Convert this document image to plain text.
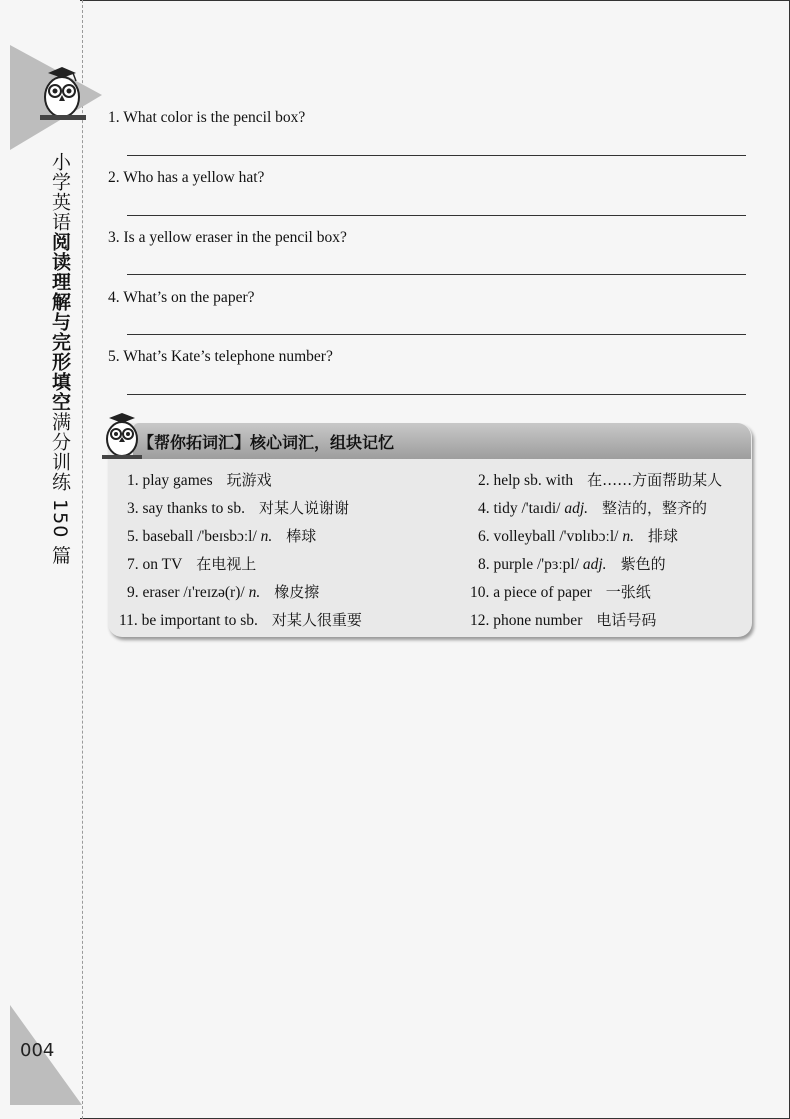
小学英语阅读理解与完形填空满分训练 150 篇
004
1. What color is the pencil box?
2. Who has a yellow hat?
3. Is a yellow eraser in the pencil box?
4. What’s on the paper?
5. What’s Kate’s telephone number?
【帮你拓词汇】核心词汇，组块记忆
1. play games 玩游戏	2. help sb. with 在……方面帮助某人
3. say thanks to sb. 对某人说谢谢	4. tidy /'taɪdi/ adj. 整洁的，整齐的
5. baseball /'beɪsbɔːl/ n. 棒球	6. volleyball /'vɒlɪbɔːl/ n. 排球
7. on TV 在电视上	8. purple /'pɜːpl/ adj. 紫色的
9. eraser /ɪ'reɪzə(r)/ n. 橡皮擦	10. a piece of paper 一张纸
11. be important to sb. 对某人很重要	12. phone number 电话号码
